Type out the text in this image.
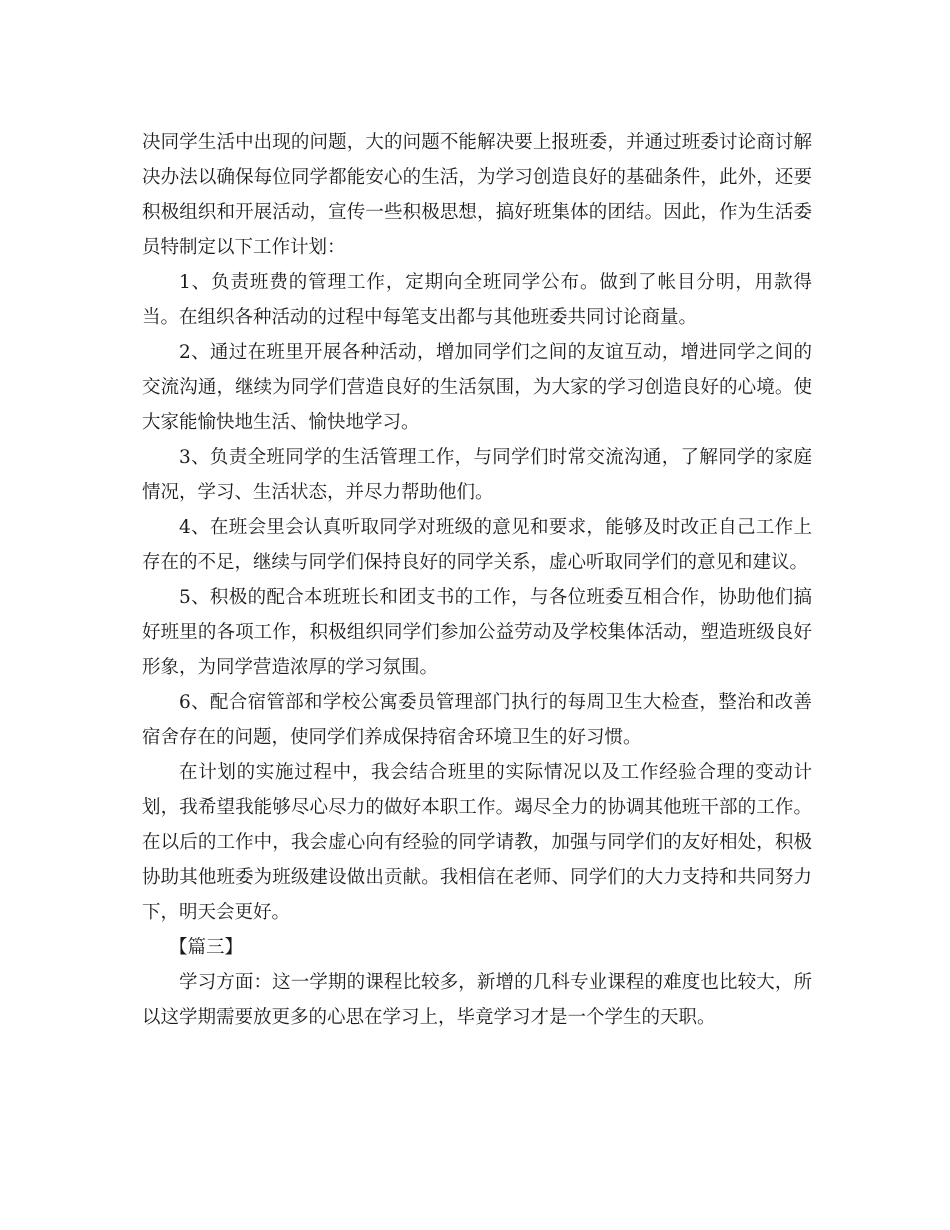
决同学生活中出现的问题，大的问题不能解决要上报班委，并通过班委讨论商讨解决办法以确保每位同学都能安心的生活，为学习创造良好的基础条件，此外，还要积极组织和开展活动，宣传一些积极思想，搞好班集体的团结。因此，作为生活委员特制定以下工作计划：

1、负责班费的管理工作，定期向全班同学公布。做到了帐目分明，用款得当。在组织各种活动的过程中每笔支出都与其他班委共同讨论商量。

2、通过在班里开展各种活动，增加同学们之间的友谊互动，增进同学之间的交流沟通，继续为同学们营造良好的生活氛围，为大家的学习创造良好的心境。使大家能愉快地生活、愉快地学习。

3、负责全班同学的生活管理工作，与同学们时常交流沟通，了解同学的家庭情况，学习、生活状态，并尽力帮助他们。

4、在班会里会认真听取同学对班级的意见和要求，能够及时改正自己工作上存在的不足，继续与同学们保持良好的同学关系，虚心听取同学们的意见和建议。

5、积极的配合本班班长和团支书的工作，与各位班委互相合作，协助他们搞好班里的各项工作，积极组织同学们参加公益劳动及学校集体活动，塑造班级良好形象，为同学营造浓厚的学习氛围。

6、配合宿管部和学校公寓委员管理部门执行的每周卫生大检查，整治和改善宿舍存在的问题，使同学们养成保持宿舍环境卫生的好习惯。

在计划的实施过程中，我会结合班里的实际情况以及工作经验合理的变动计划，我希望我能够尽心尽力的做好本职工作。竭尽全力的协调其他班干部的工作。在以后的工作中，我会虚心向有经验的同学请教，加强与同学们的友好相处，积极协助其他班委为班级建设做出贡献。我相信在老师、同学们的大力支持和共同努力下，明天会更好。

【篇三】

学习方面：这一学期的课程比较多，新增的几科专业课程的难度也比较大，所以这学期需要放更多的心思在学习上，毕竟学习才是一个学生的天职。
